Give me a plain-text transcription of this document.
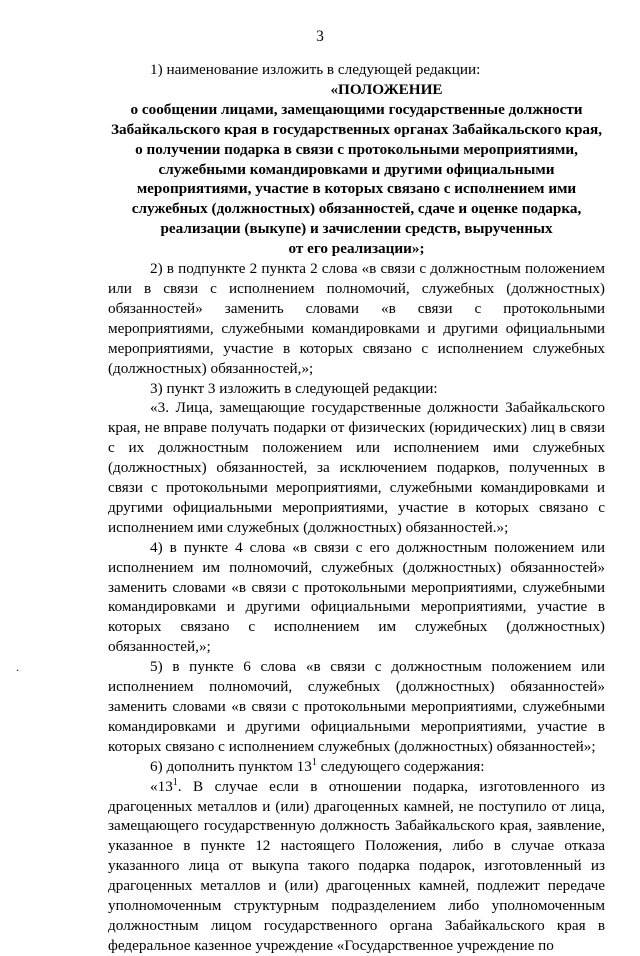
3
.

1) наименование изложить в следующей редакции:

«ПОЛОЖЕНИЕ

о сообщении лицами, замещающими государственные должности Забайкальского края в государственных органах Забайкальского края, о получении подарка в связи с протокольными мероприятиями, служебными командировками и другими официальными мероприятиями, участие в которых связано с исполнением ими служебных (должностных) обязанностей, сдаче и оценке подарка, реализации (выкупе) и зачислении средств, вырученных

от его реализации»;

2) в подпункте 2 пункта 2 слова «в связи с должностным положением или в связи с исполнением полномочий, служебных (должностных) обязанностей» заменить словами «в связи с протокольными мероприятиями, служебными командировками и другими официальными мероприятиями, участие в которых связано с исполнением служебных (должностных) обязанностей,»;

3) пункт 3 изложить в следующей редакции:

«3. Лица, замещающие государственные должности Забайкальского края, не вправе получать подарки от физических (юридических) лиц в связи с их должностным положением или исполнением ими служебных (должностных) обязанностей, за исключением подарков, полученных в связи с протокольными мероприятиями, служебными командировками и другими официальными мероприятиями, участие в которых связано с исполнением ими служебных (должностных) обязанностей.»;

4) в пункте 4 слова «в связи с его должностным положением или исполнением им полномочий, служебных (должностных) обязанностей» заменить словами «в связи с протокольными мероприятиями, служебными командировками и другими официальными мероприятиями, участие в которых связано с исполнением им служебных (должностных) обязанностей,»;

5) в пункте 6 слова «в связи с должностным положением или исполнением полномочий, служебных (должностных) обязанностей» заменить словами «в связи с протокольными мероприятиями, служебными командировками и другими официальными мероприятиями, участие в которых связано с исполнением служебных (должностных) обязанностей»;

6) дополнить пунктом $13^1$ следующего содержания:

«$13^1$. В случае если в отношении подарка, изготовленного из драгоценных металлов и (или) драгоценных камней, не поступило от лица, замещающего государственную должность Забайкальского края, заявление, указанное в пункте 12 настоящего Положения, либо в случае отказа указанного лица от выкупа такого подарка подарок, изготовленный из драгоценных металлов и (или) драгоценных камней, подлежит передаче уполномоченным структурным подразделением либо уполномоченным должностным лицом государственного органа Забайкальского края в федеральное казенное учреждение «Государственное учреждение по
